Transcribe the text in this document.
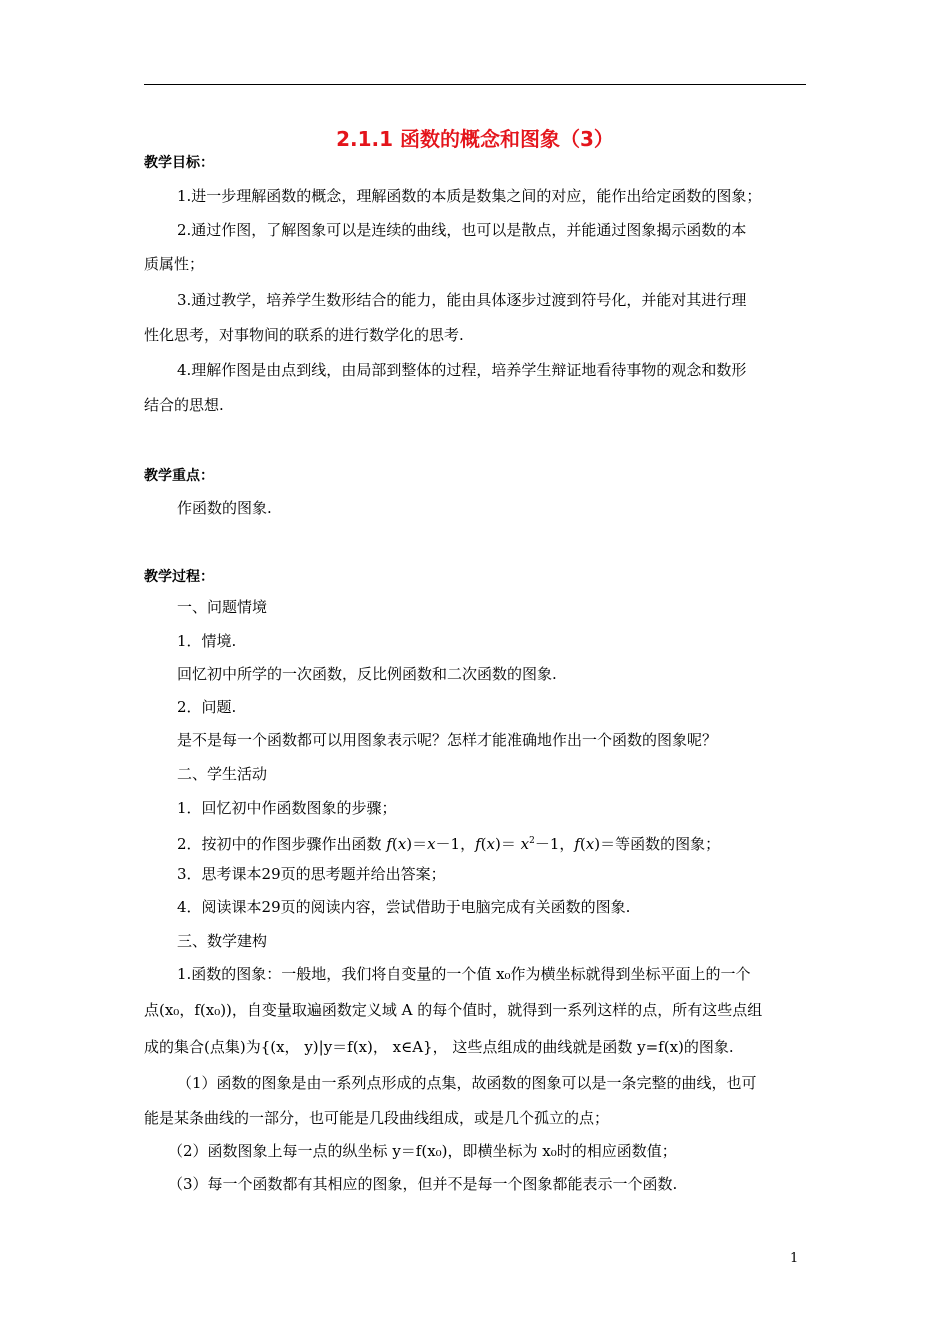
2.1.1 函数的概念和图象（3）
教学目标：
1.进一步理解函数的概念，理解函数的本质是数集之间的对应，能作出给定函数的图象；
2.通过作图，了解图象可以是连续的曲线，也可以是散点，并能通过图象揭示函数的本
质属性；
3.通过教学，培养学生数形结合的能力，能由具体逐步过渡到符号化，并能对其进行理
性化思考，对事物间的联系的进行数学化的思考.
4.理解作图是由点到线，由局部到整体的过程，培养学生辩证地看待事物的观念和数形
结合的思想.
教学重点：
作函数的图象.
教学过程：
一、问题情境
1．情境.
回忆初中所学的一次函数，反比例函数和二次函数的图象.
2．问题.
是不是每一个函数都可以用图象表示呢？怎样才能准确地作出一个函数的图象呢？
二、学生活动
1．回忆初中作函数图象的步骤；
2．按初中的作图步骤作出函数 f(x)＝x－1，$f(x)= x^2-1$，f(x)＝等函数的图象；
3．思考课本29页的思考题并给出答案；
4．阅读课本29页的阅读内容，尝试借助于电脑完成有关函数的图象.
三、数学建构
1.函数的图象：一般地，我们将自变量的一个值 x₀作为横坐标就得到坐标平面上的一个
点(x₀，f(x₀))，自变量取遍函数定义域 A 的每个值时，就得到一系列这样的点，所有这些点组
成的集合(点集)为{(x， y)|y＝f(x)， x∈A}， 这些点组成的曲线就是函数 y=f(x)的图象.
（1）函数的图象是由一系列点形成的点集，故函数的图象可以是一条完整的曲线，也可
能是某条曲线的一部分，也可能是几段曲线组成，或是几个孤立的点；
（2）函数图象上每一点的纵坐标 y＝f(x₀)，即横坐标为 x₀时的相应函数值；
（3）每一个函数都有其相应的图象，但并不是每一个图象都能表示一个函数.
1
